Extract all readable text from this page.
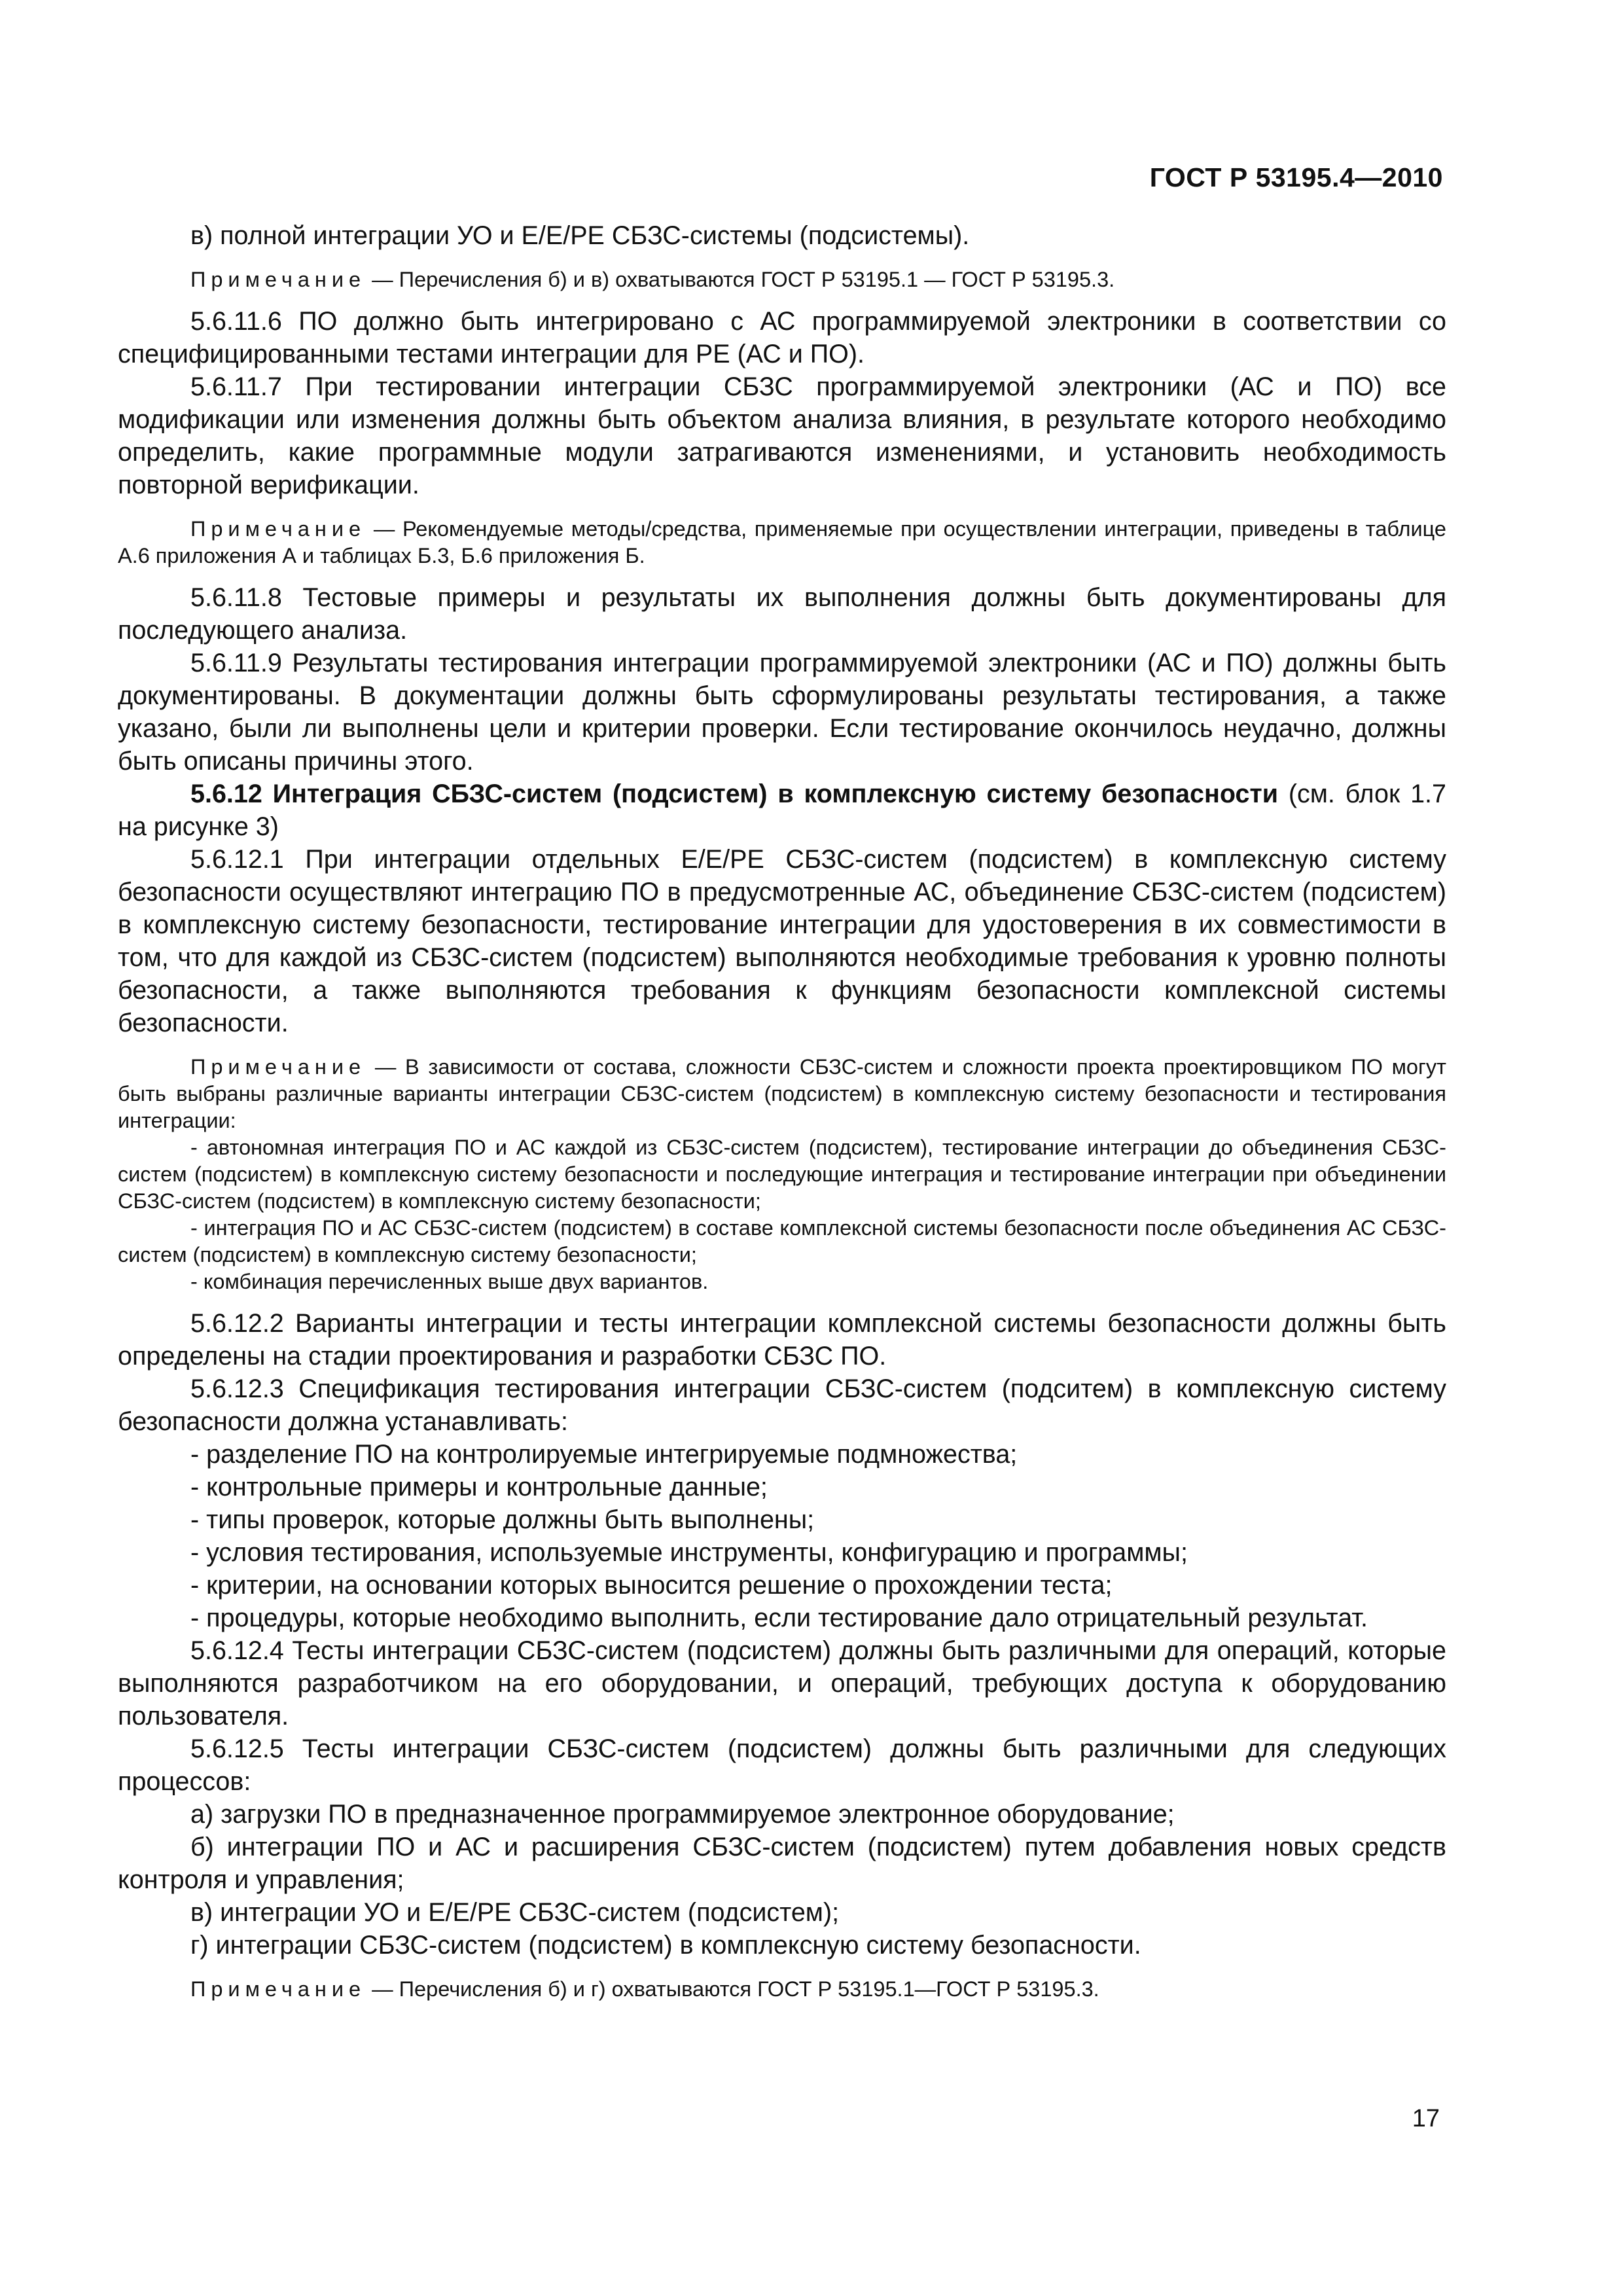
ГОСТ Р 53195.4—2010

в) полной интеграции УО и Е/Е/РЕ СБЗС-системы (подсистемы).

Примечание — Перечисления б) и в) охватываются ГОСТ Р 53195.1 — ГОСТ Р 53195.3.

5.6.11.6 ПО должно быть интегрировано с АС программируемой электроники в соответствии со специфицированными тестами интеграции для РЕ (АС и ПО).

5.6.11.7 При тестировании интеграции СБЗС программируемой электроники (АС и ПО) все модификации или изменения должны быть объектом анализа влияния, в результате которого необходимо определить, какие программные модули затрагиваются изменениями, и установить необходимость повторной верификации.

Примечание — Рекомендуемые методы/средства, применяемые при осуществлении интеграции, приведены в таблице А.6 приложения А и таблицах Б.3, Б.6 приложения Б.

5.6.11.8 Тестовые примеры и результаты их выполнения должны быть документированы для последующего анализа.

5.6.11.9 Результаты тестирования интеграции программируемой электроники (АС и ПО) должны быть документированы. В документации должны быть сформулированы результаты тестирования, а также указано, были ли выполнены цели и критерии проверки. Если тестирование окончилось неудачно, должны быть описаны причины этого.

5.6.12 Интеграция СБЗС-систем (подсистем) в комплексную систему безопасности (см. блок 1.7 на рисунке 3)

5.6.12.1 При интеграции отдельных Е/Е/РЕ СБЗС-систем (подсистем) в комплексную систему безопасности осуществляют интеграцию ПО в предусмотренные АС, объединение СБЗС-систем (подсистем) в комплексную систему безопасности, тестирование интеграции для удостоверения в их совместимости в том, что для каждой из СБЗС-систем (подсистем) выполняются необходимые требования к уровню полноты безопасности, а также выполняются требования к функциям безопасности комплексной системы безопасности.

Примечание — В зависимости от состава, сложности СБЗС-систем и сложности проекта проектировщиком ПО могут быть выбраны различные варианты интеграции СБЗС-систем (подсистем) в комплексную систему безопасности и тестирования интеграции:

- автономная интеграция ПО и АС каждой из СБЗС-систем (подсистем), тестирование интеграции до объединения СБЗС-систем (подсистем) в комплексную систему безопасности и последующие интеграция и тестирование интеграции при объединении СБЗС-систем (подсистем) в комплексную систему безопасности;

- интеграция ПО и АС СБЗС-систем (подсистем) в составе комплексной системы безопасности после объединения АС СБЗС-систем (подсистем) в комплексную систему безопасности;

- комбинация перечисленных выше двух вариантов.

5.6.12.2 Варианты интеграции и тесты интеграции комплексной системы безопасности должны быть определены на стадии проектирования и разработки СБЗС ПО.

5.6.12.3 Спецификация тестирования интеграции СБЗС-систем (подситем) в комплексную систему безопасности должна устанавливать:

- разделение ПО на контролируемые интегрируемые подмножества;

- контрольные примеры и контрольные данные;

- типы проверок, которые должны быть выполнены;

- условия тестирования, используемые инструменты, конфигурацию и программы;

- критерии, на основании которых выносится решение о прохождении теста;

- процедуры, которые необходимо выполнить, если тестирование дало отрицательный результат.

5.6.12.4 Тесты интеграции СБЗС-систем (подсистем) должны быть различными для операций, которые выполняются разработчиком на его оборудовании, и операций, требующих доступа к оборудованию пользователя.

5.6.12.5 Тесты интеграции СБЗС-систем (подсистем) должны быть различными для следующих процессов:

а) загрузки ПО в предназначенное программируемое электронное оборудование;

б) интеграции ПО и АС и расширения СБЗС-систем (подсистем) путем добавления новых средств контроля и управления;

в) интеграции УО и Е/Е/РЕ СБЗС-систем (подсистем);

г) интеграции СБЗС-систем (подсистем) в комплексную систему безопасности.

Примечание — Перечисления б) и г) охватываются ГОСТ Р 53195.1—ГОСТ Р 53195.3.

17
